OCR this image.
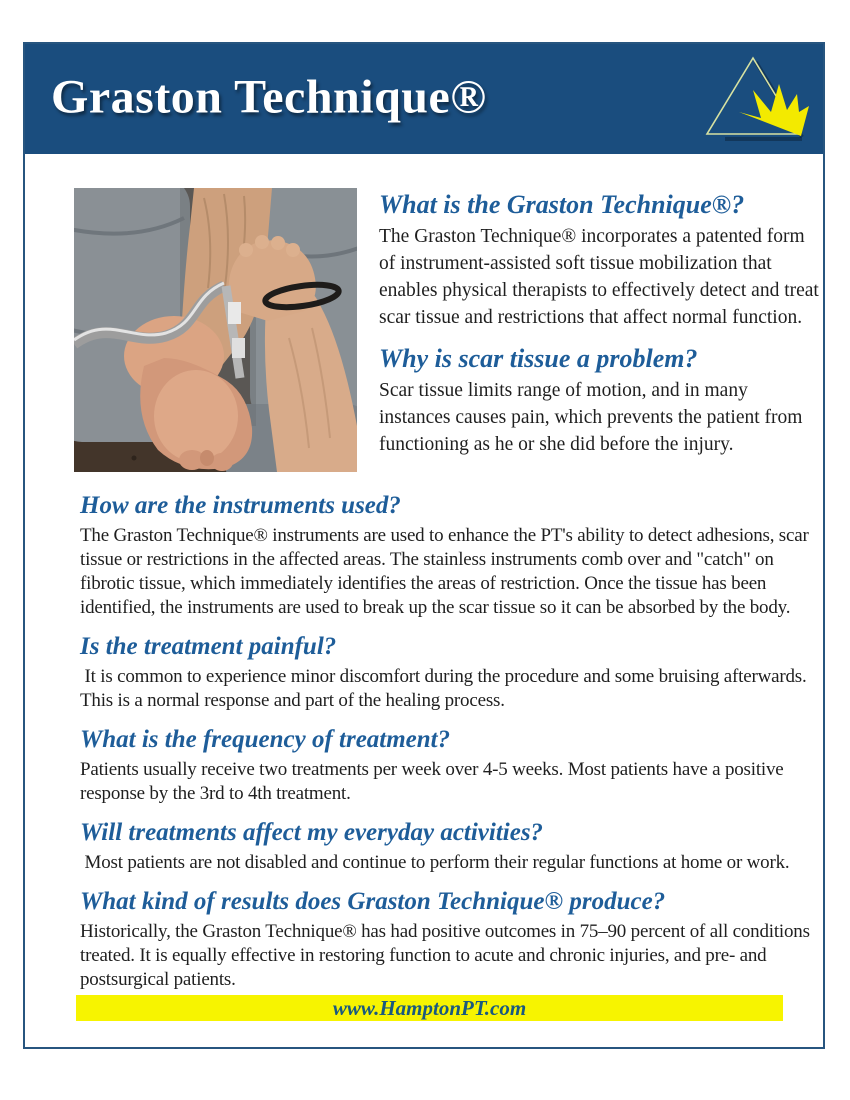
Graston Technique®
What is the Graston Technique®?

The Graston Technique® incorporates a patented form of instrument-assisted soft tissue mobilization that enables physical therapists to effectively detect and treat scar tissue and restrictions that affect normal function.

Why is scar tissue a problem?

Scar tissue limits range of motion, and in many instances causes pain, which prevents the patient from functioning as he or she did before the injury.

How are the instruments used?

The Graston Technique® instruments are used to enhance the PT's ability to detect adhesions, scar tissue or restrictions in the affected areas. The stainless instruments comb over and "catch" on fibrotic tissue, which immediately identifies the areas of restriction. Once the tissue has been identified, the instruments are used to break up the scar tissue so it can be absorbed by the body.

Is the treatment painful?

It is common to experience minor discomfort during the procedure and some bruising afterwards. This is a normal response and part of the healing process.

What is the frequency of treatment?

Patients usually receive two treatments per week over 4-5 weeks. Most patients have a positive response by the 3rd to 4th treatment.

Will treatments affect my everyday activities?

Most patients are not disabled and continue to perform their regular functions at home or work.

What kind of results does Graston Technique® produce?

Historically, the Graston Technique® has had positive outcomes in 75–90 percent of all conditions treated. It is equally effective in restoring function to acute and chronic injuries, and pre- and postsurgical patients.

www.HamptonPT.com
